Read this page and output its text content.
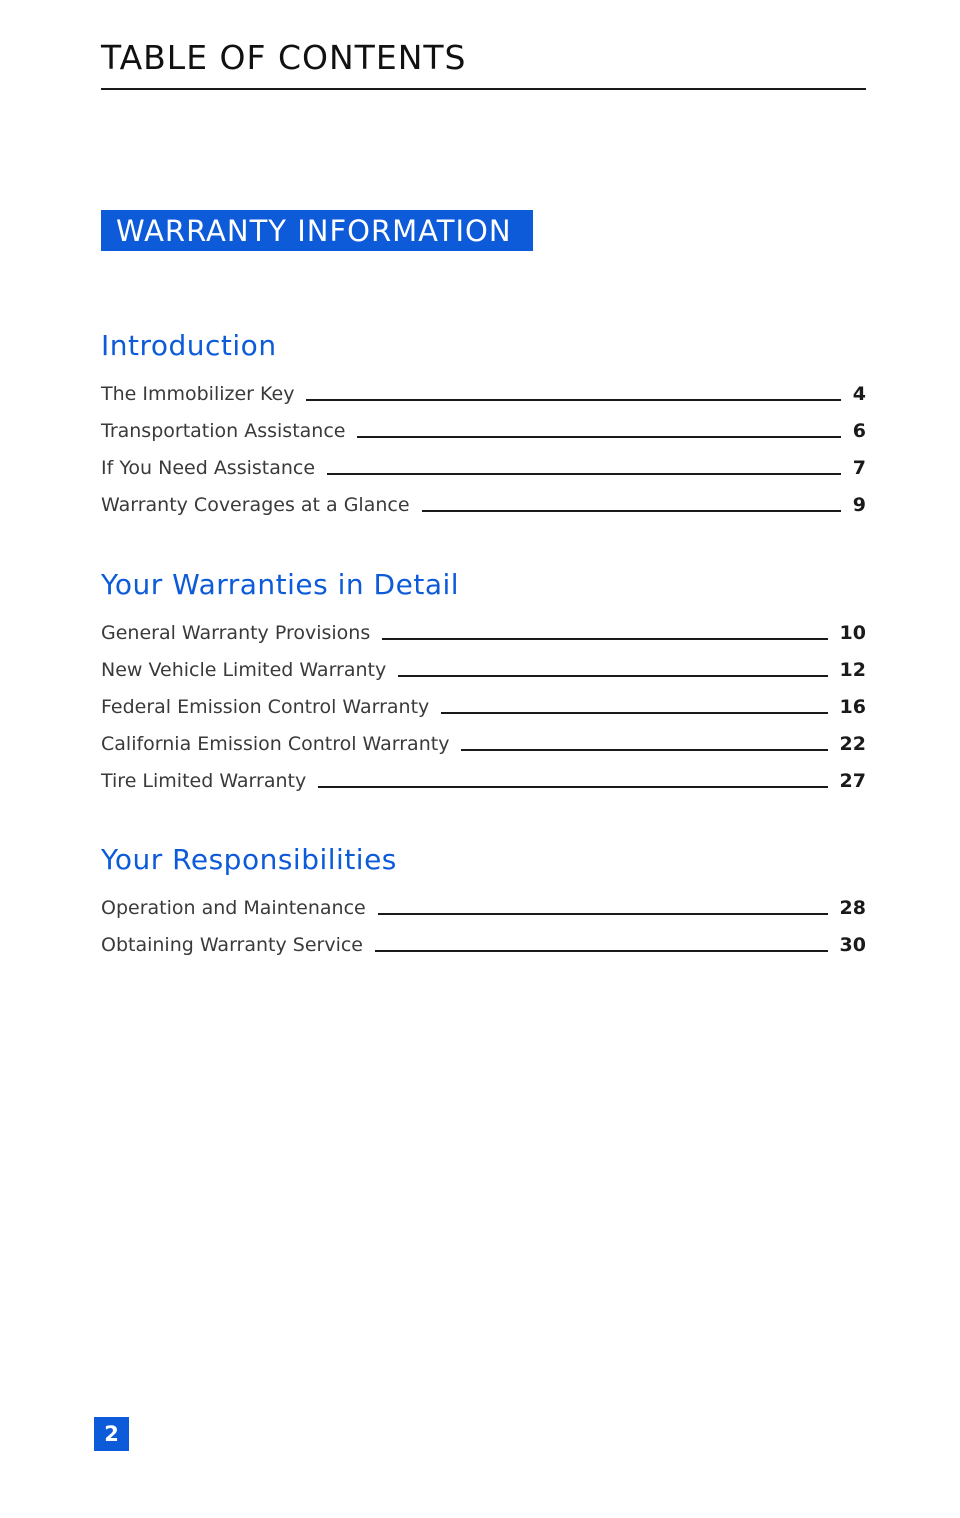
TABLE OF CONTENTS
WARRANTY INFORMATION
Introduction
The Immobilizer Key	4
Transportation Assistance	6
If You Need Assistance	7
Warranty Coverages at a Glance	9
Your Warranties in Detail
General Warranty Provisions	10
New Vehicle Limited Warranty	12
Federal Emission Control Warranty	16
California Emission Control Warranty	22
Tire Limited Warranty	27
Your Responsibilities
Operation and Maintenance	28
Obtaining Warranty Service	30
2
